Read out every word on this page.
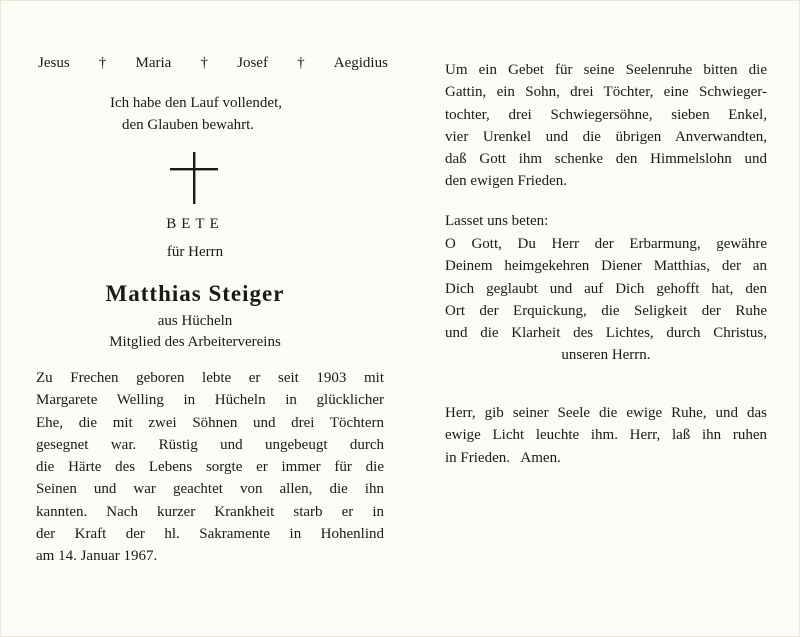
Jesus † Maria † Josef † Aegidius
Ich habe den Lauf vollendet,
den Glauben bewahrt.
BETE
für Herrn
Matthias Steiger
aus Hücheln
Mitglied des Arbeitervereins
Zu Frechen geboren lebte er seit 1903 mit
Margarete Welling in Hücheln in glücklicher
Ehe, die mit zwei Söhnen und drei Töchtern
gesegnet war. Rüstig und ungebeugt durch
die Härte des Lebens sorgte er immer für die
Seinen und war geachtet von allen, die ihn
kannten. Nach kurzer Krankheit starb er in
der Kraft der hl. Sakramente in Hohenlind
am 14. Januar 1967.
Um ein Gebet für seine Seelenruhe bitten die
Gattin, ein Sohn, drei Töchter, eine Schwieger-
tochter, drei Schwiegersöhne, sieben Enkel,
vier Urenkel und die übrigen Anverwandten,
daß Gott ihm schenke den Himmelslohn und
den ewigen Frieden.
Lasset uns beten:
O Gott, Du Herr der Erbarmung, gewähre
Deinem heimgekehren Diener Matthias, der an
Dich geglaubt und auf Dich gehofft hat, den
Ort der Erquickung, die Seligkeit der Ruhe
und die Klarheit des Lichtes, durch Christus,
unseren Herrn.
Herr, gib seiner Seele die ewige Ruhe, und das
ewige Licht leuchte ihm. Herr, laß ihn ruhen
in Frieden.   Amen.
